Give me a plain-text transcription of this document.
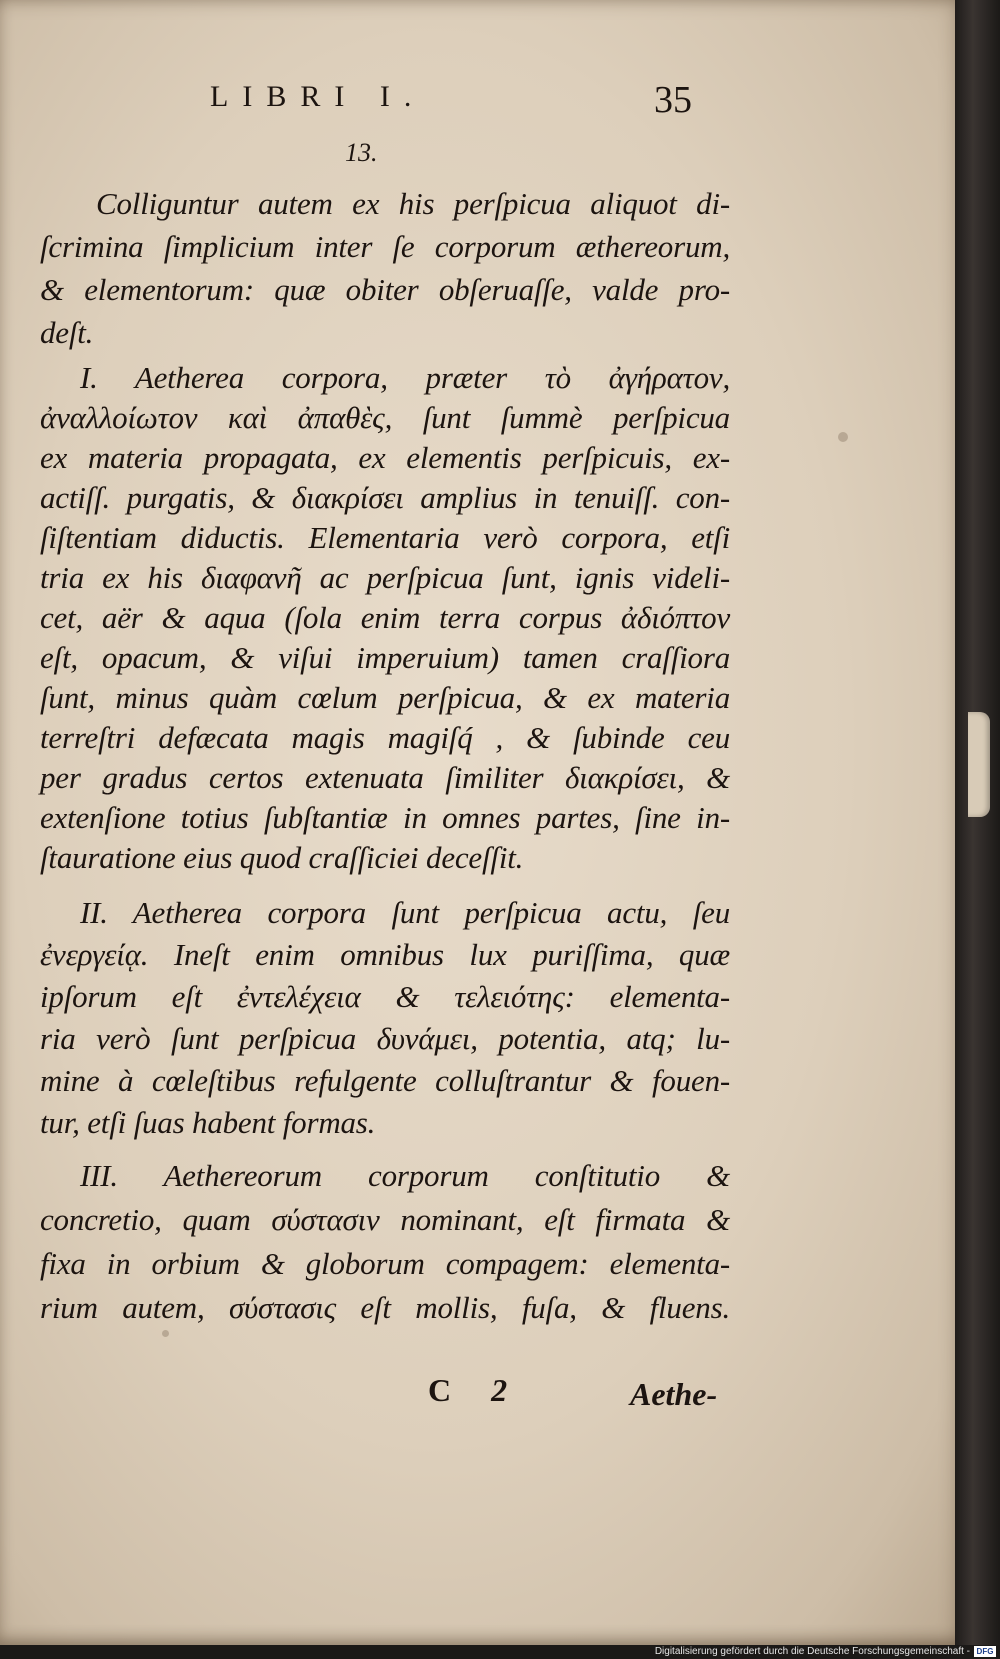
LIBRI I.	35
13.
Colliguntur autem ex his perſpicua aliquot di-
ſcrimina ſimplicium inter ſe corporum æthereorum,
& elementorum: quæ obiter obſeruaſſe, valde pro-
deſt.
I. Aetherea corpora, præter τὸ ἀγήρατον,
ἀναλλοίωτον καὶ ἀπαθὲς, ſunt ſummè perſpicua
ex materia propagata, ex elementis perſpicuis, ex-
actiſſ. purgatis, & διακρίσει amplius in tenuiſſ. con-
ſiſtentiam diductis. Elementaria verò corpora, etſi
tria ex his διαφανῆ ac perſpicua ſunt, ignis videli-
cet, aër & aqua (ſola enim terra corpus ἀδιόπτον
eſt, opacum, & viſui imperuium) tamen craſſiora
ſunt, minus quàm cœlum perſpicua, & ex materia
terreſtri defæcata magis magiſq́ , & ſubinde ceu
per gradus certos extenuata ſimiliter διακρίσει, &
extenſione totius ſubſtantiæ in omnes partes, ſine in-
ſtauratione eius quod craſſiciei deceſſit.
II. Aetherea corpora ſunt perſpicua actu, ſeu
ἐνεργείᾳ. Ineſt enim omnibus lux puriſſima, quæ
ipſorum eſt ἐντελέχεια & τελειότης: elementa-
ria verò ſunt perſpicua δυνάμει, potentia, atq; lu-
mine à cœleſtibus refulgente colluſtrantur & fouen-
tur, etſi ſuas habent formas.
III. Aethereorum corporum conſtitutio &
concretio, quam σύστασιν nominant, eſt firmata &
fixa in orbium & globorum compagem: elementa-
rium autem, σύστασις eſt mollis, fuſa, & fluens.
C 2	Aethe-
Digitalisierung gefördert durch die Deutsche Forschungsgemeinschaft - DFG
